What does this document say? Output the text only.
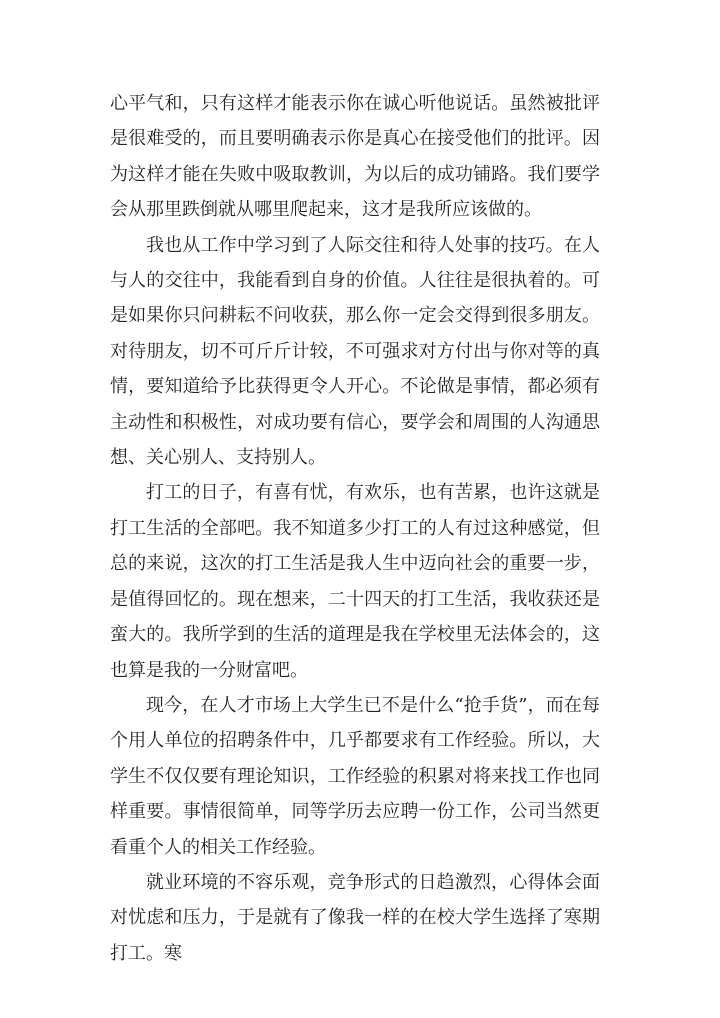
心平气和，只有这样才能表示你在诚心听他说话。虽然被批评是很难受的，而且要明确表示你是真心在接受他们的批评。因为这样才能在失败中吸取教训，为以后的成功铺路。我们要学会从那里跌倒就从哪里爬起来，这才是我所应该做的。

我也从工作中学习到了人际交往和待人处事的技巧。在人与人的交往中，我能看到自身的价值。人往往是很执着的。可是如果你只问耕耘不问收获，那么你一定会交得到很多朋友。对待朋友，切不可斤斤计较，不可强求对方付出与你对等的真情，要知道给予比获得更令人开心。不论做是事情，都必须有主动性和积极性，对成功要有信心，要学会和周围的人沟通思想、关心别人、支持别人。

打工的日子，有喜有忧，有欢乐，也有苦累，也许这就是打工生活的全部吧。我不知道多少打工的人有过这种感觉，但总的来说，这次的打工生活是我人生中迈向社会的重要一步，是值得回忆的。现在想来，二十四天的打工生活，我收获还是蛮大的。我所学到的生活的道理是我在学校里无法体会的，这也算是我的一分财富吧。

现今，在人才市场上大学生已不是什么“抢手货”，而在每个用人单位的招聘条件中，几乎都要求有工作经验。所以，大学生不仅仅要有理论知识，工作经验的积累对将来找工作也同样重要。事情很简单，同等学历去应聘一份工作，公司当然更看重个人的相关工作经验。

就业环境的不容乐观，竞争形式的日趋激烈，心得体会面对忧虑和压力，于是就有了像我一样的在校大学生选择了寒期打工。寒
